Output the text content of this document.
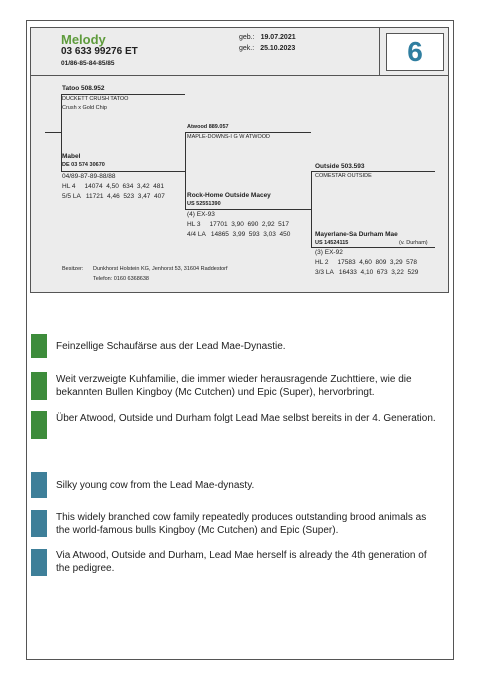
Melody
03 633 99276 ET
01/86-85-84-85/85
geb.: 19.07.2021
gek.: 25.10.2023	6
Tatoo 508.952
DUCKETT CRUSH TATOO
Crush x Gold Chip
Atwood 889.057
MAPLE-DOWNS-I G W ATWOOD
Mabel
DE 03 574 30670
04/89-87-89-88/88
HL 4     14074  4,50  634  3,42  481
5/5 LA   11721  4,46  523  3,47  407
Outside 503.593
COMESTAR OUTSIDE
Rock-Home Outside Macey
US 52551390
(4) EX-93
HL 3     17701  3,90  690  2,92  517
4/4 LA   14865  3,99  593  3,03  450	Mayerlane-Sa Durham Mae
US 14524115	(v. Durham)
(3) EX-92
HL 2     17583  4,60  809  3,29  578
3/3 LA   16433  4,10  673  3,22  529
Besitzer: Dunkhorst Holstein KG, Jenhorst 53, 31604 Raddestorf
Telefon: 0160 6368638
Feinzellige Schaufärse aus der Lead Mae-Dynastie.
Weit verzweigte Kuhfamilie, die immer wieder herausragende Zuchttiere, wie die bekannten Bullen Kingboy (Mc Cutchen) und Epic (Super), hervorbringt.
Über Atwood, Outside und Durham folgt Lead Mae selbst bereits in der 4. Generation.
Silky young cow from the Lead Mae-dynasty.
This widely branched cow family repeatedly produces outstanding brood animals as the world-famous bulls Kingboy (Mc Cutchen) and Epic (Super).
Via Atwood, Outside and Durham, Lead Mae herself is already the 4th generation of the pedigree.
